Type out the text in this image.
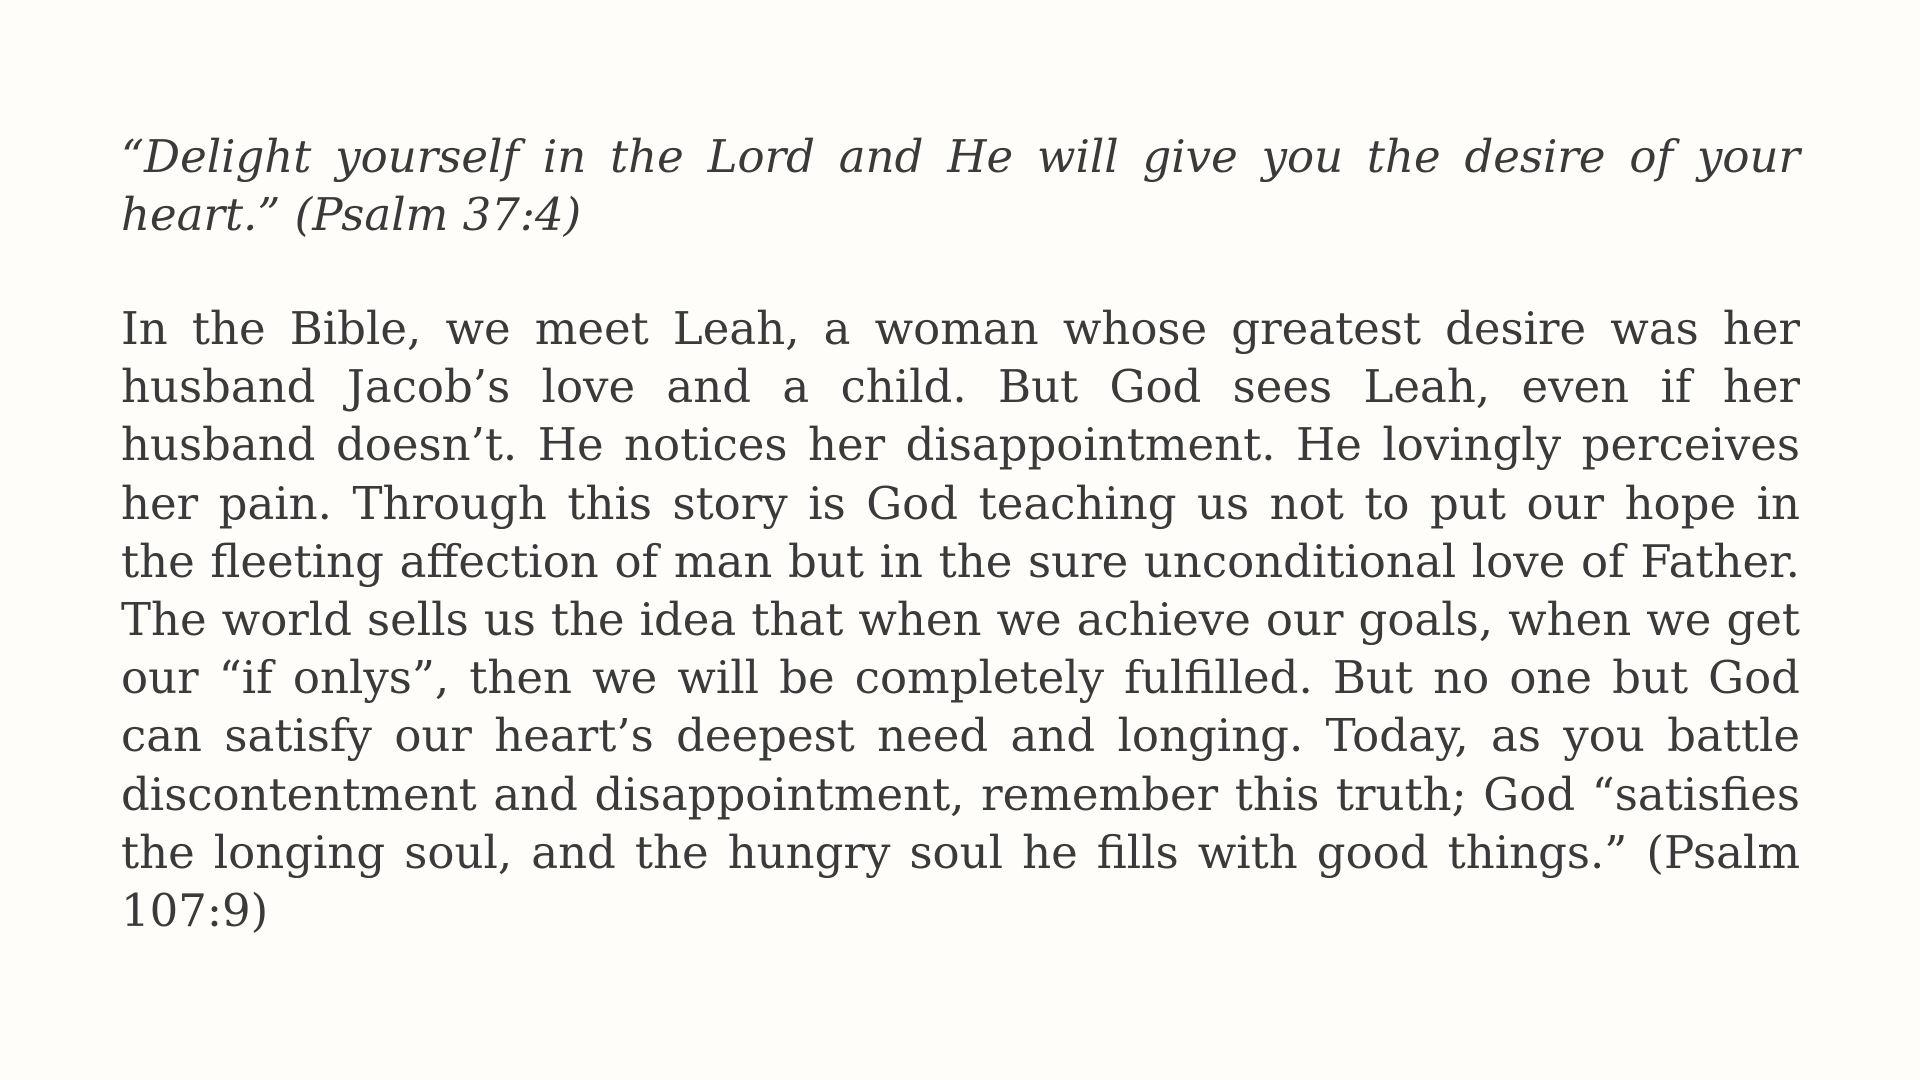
“Delight yourself in the Lord and He will give you the desire of your heart.” (Psalm 37:4)

In the Bible, we meet Leah, a woman whose greatest desire was her husband Jacob’s love and a child. But God sees Leah, even if her husband doesn’t. He notices her disappointment. He lovingly perceives her pain. Through this story is God teaching us not to put our hope in the fleeting affection of man but in the sure unconditional love of Father. The world sells us the idea that when we achieve our goals, when we get our “if onlys”, then we will be completely fulfilled. But no one but God can satisfy our heart’s deepest need and longing. Today, as you battle discontentment and disappointment, remember this truth; God “satisfies the longing soul, and the hungry soul he fills with good things.” (Psalm 107:9)
